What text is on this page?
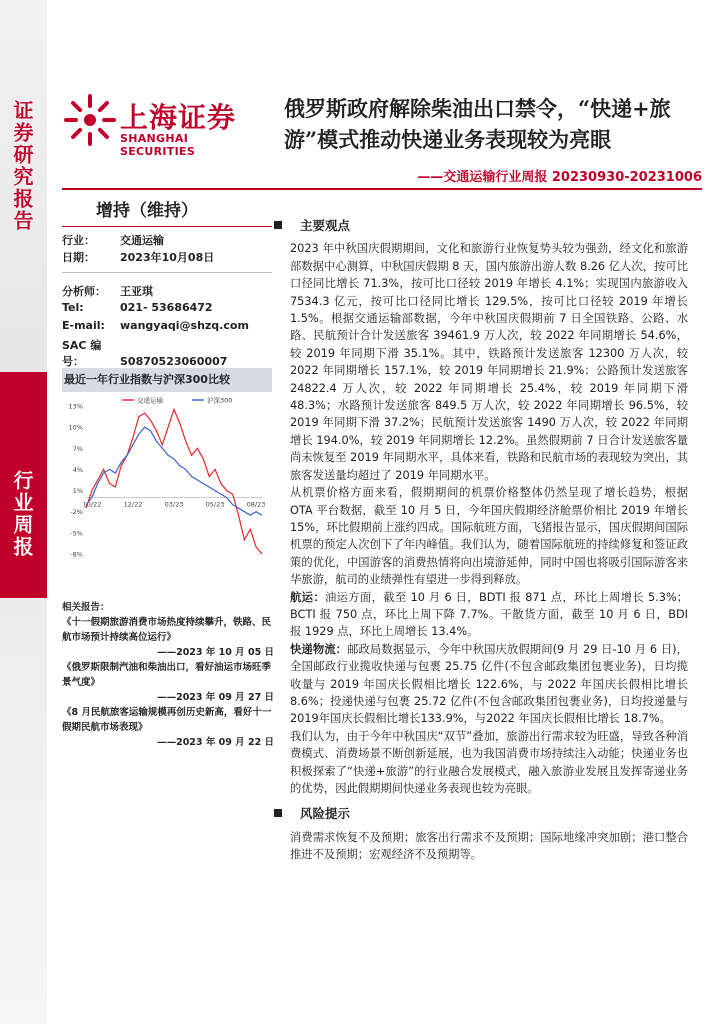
证券研究报告
行业周报
上海证券
SHANGHAI SECURITIES
俄罗斯政府解除柴油出口禁令，“快递+旅游”模式推动快递业务表现较为亮眼
——交通运输行业周报 20230930-20231006
增持（维持）
行业： 交通运输
日期： 2023年10月08日
分析师： 王亚琪
Tel:	021- 53686472
E-mail: wangyaqi@shzq.com
SAC 编号：	S0870523060007
最近一年行业指数与沪深300比较
13%
10%
7%
4%
1%
-2%
-5%
-8%
10/22	12/22	03/23	05/23	08/23
交通运输	沪深300
相关报告：
《十一假期旅游消费市场热度持续攀升，铁路、民航市场预计持续高位运行》
——2023 年 10 月 05 日
《俄罗斯限制汽油和柴油出口，看好油运市场旺季景气度》
——2023 年 09 月 27 日
《8 月民航旅客运输规模再创历史新高，看好十一假期民航市场表现》
——2023 年 09 月 22 日
主要观点

2023 年中秋国庆假期期间，文化和旅游行业恢复势头较为强劲，经文化和旅游部数据中心测算，中秋国庆假期 8 天，国内旅游出游人数 8.26 亿人次，按可比口径同比增长 71.3%，按可比口径较 2019 年增长 4.1%；实现国内旅游收入 7534.3 亿元，按可比口径同比增长 129.5%，按可比口径较 2019 年增长 1.5%。根据交通运输部数据，今年中秋国庆假期前 7 日全国铁路、公路、水路、民航预计合计发送旅客 39461.9 万人次，较 2022 年同期增长 54.6%，较 2019 年同期下滑 35.1%。其中，铁路预计发送旅客 12300 万人次，较 2022 年同期增长 157.1%，较 2019 年同期增长 21.9%；公路预计发送旅客 24822.4 万人次，较 2022 年同期增长 25.4%，较 2019 年同期下滑 48.3%；水路预计发送旅客 849.5 万人次，较 2022 年同期增长 96.5%，较 2019 年同期下滑 37.2%；民航预计发送旅客 1490 万人次，较 2022 年同期增长 194.0%，较 2019 年同期增长 12.2%。虽然假期前 7 日合计发送旅客量尚未恢复至 2019 年同期水平，具体来看，铁路和民航市场的表现较为突出，其旅客发送量均超过了 2019 年同期水平。

从机票价格方面来看，假期期间的机票价格整体仍然呈现了增长趋势，根据 OTA 平台数据，截至 10 月 5 日，今年国庆假期经济舱票价相比 2019 年增长 15%，环比假期前上涨约四成。国际航班方面，飞猪报告显示，国庆假期间国际机票的预定人次创下了年内峰值。我们认为，随着国际航班的持续修复和签证政策的优化，中国游客的消费热情将向出境游延伸，同时中国也将吸引国际游客来华旅游，航司的业绩弹性有望进一步得到释放。

航运：油运方面，截至 10 月 6 日，BDTI 报 871 点，环比上周增长 5.3%；BCTI 报 750 点，环比上周下降 7.7%。干散货方面，截至 10 月 6 日，BDI 报 1929 点，环比上周增长 13.4%。

快递物流：邮政局数据显示，今年中秋国庆放假期间(9 月 29 日-10 月 6 日)，全国邮政行业揽收快递与包裹 25.75 亿件(不包含邮政集团包裹业务)，日均揽收量与 2019 年国庆长假相比增长 122.6%，与 2022 年国庆长假相比增长 8.6%；投递快递与包裹 25.72 亿件(不包含邮政集团包裹业务)，日均投递量与2019年国庆长假相比增长133.9%，与2022 年国庆长假相比增长 18.7%。

我们认为，由于今年中秋国庆“双节”叠加，旅游出行需求较为旺盛，导致各种消费模式、消费场景不断创新延展，也为我国消费市场持续注入动能；快递业务也积极探索了“快递+旅游”的行业融合发展模式，融入旅游业发展且发挥寄递业务的优势，因此假期期间快递业务表现也较为亮眼。

风险提示

消费需求恢复不及预期；旅客出行需求不及预期；国际地缘冲突加剧；港口整合推进不及预期；宏观经济不及预期等。
